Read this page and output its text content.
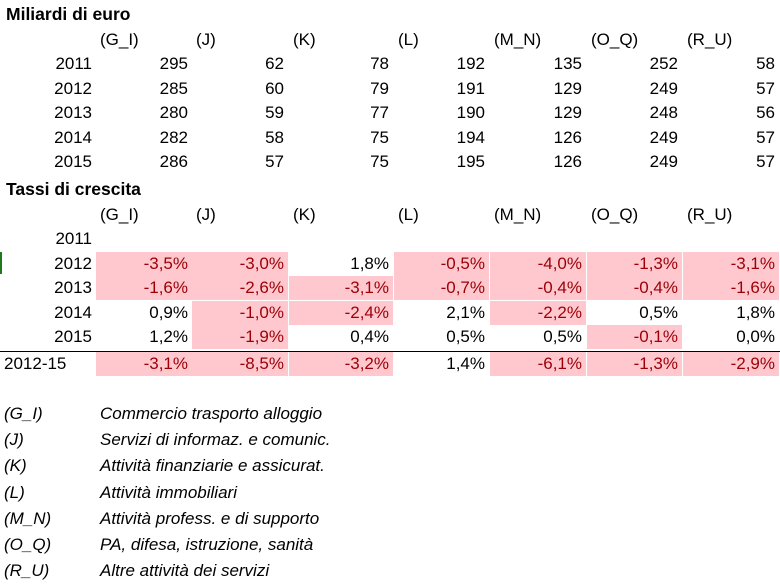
Miliardi di euro
(G_I)	(J)	(K)	(L)	(M_N)	(O_Q)	(R_U)
2011	295	62	78	192	135	252	58
2012	285	60	79	191	129	249	57
2013	280	59	77	190	129	248	56
2014	282	58	75	194	126	249	57
2015	286	57	75	195	126	249	57
Tassi di crescita
(G_I)	(J)	(K)	(L)	(M_N)	(O_Q)	(R_U)
2011
2012	-3,5%	-3,0%	1,8%	-0,5%	-4,0%	-1,3%	-3,1%
2013	-1,6%	-2,6%	-3,1%	-0,7%	-0,4%	-0,4%	-1,6%
2014	0,9%	-1,0%	-2,4%	2,1%	-2,2%	0,5%	1,8%
2015	1,2%	-1,9%	0,4%	0,5%	0,5%	-0,1%	0,0%
2012-15	-3,1%	-8,5%	-3,2%	1,4%	-6,1%	-1,3%	-2,9%
(G_I)	Commercio trasporto alloggio
(J)	Servizi di informaz. e comunic.
(K)	Attività finanziarie e assicurat.
(L)	Attività immobiliari
(M_N)	Attività profess. e di supporto
(O_Q)	PA, difesa, istruzione, sanità
(R_U)	Altre attività dei servizi
